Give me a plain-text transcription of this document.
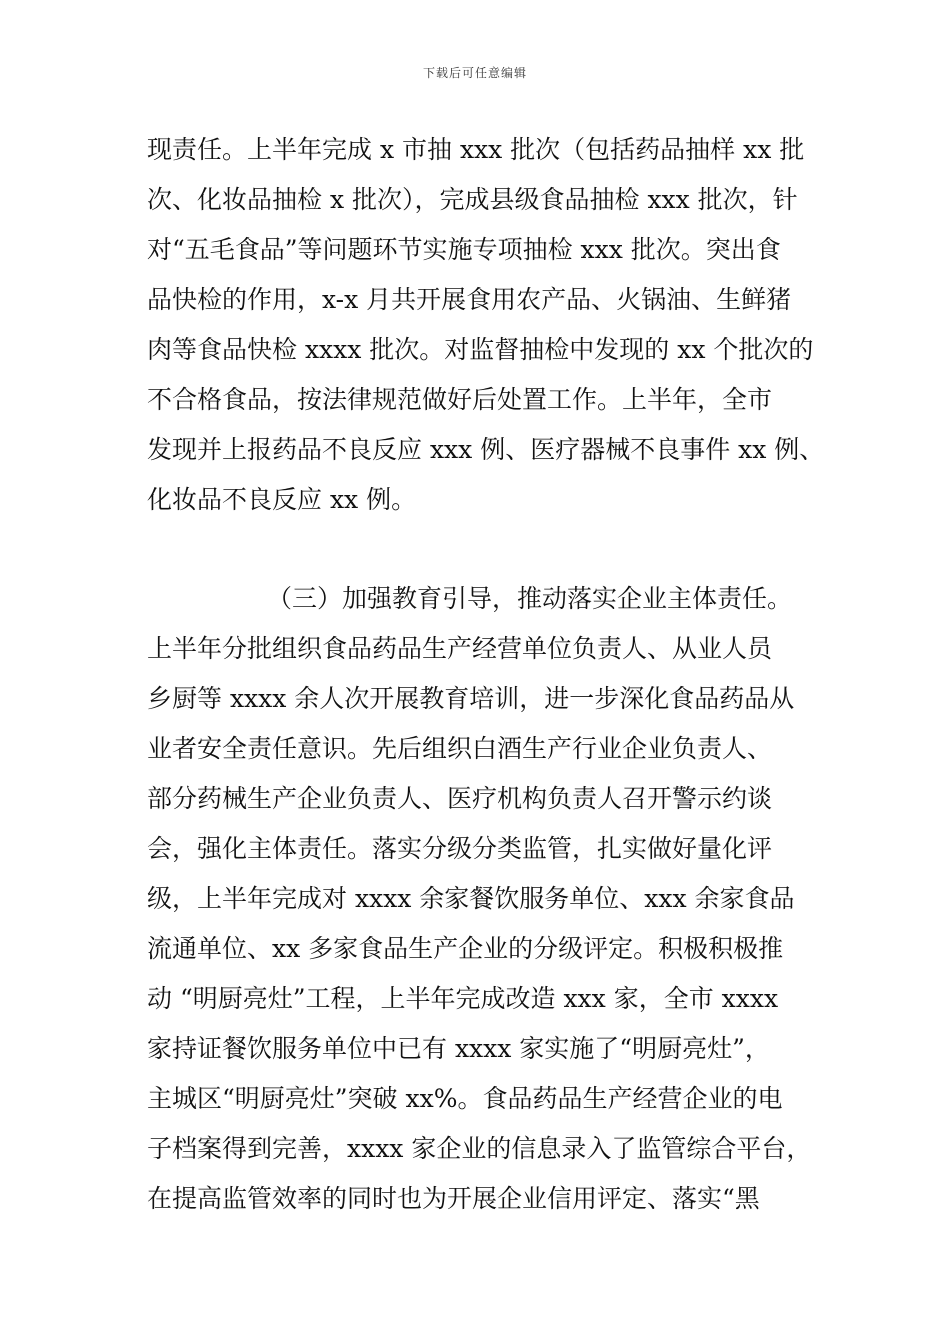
下载后可任意编辑
现责任。上半年完成 x 市抽 xxx 批次（包括药品抽样 xx 批
次、化妆品抽检 x 批次），完成县级食品抽检 xxx 批次，针
对“五毛食品”等问题环节实施专项抽检 xxx 批次。突出食
品快检的作用，x-x 月共开展食用农产品、火锅油、生鲜猪
肉等食品快检 xxxx 批次。对监督抽检中发现的 xx 个批次的
不合格食品，按法律规范做好后处置工作。上半年，全市
发现并上报药品不良反应 xxx 例、医疗器械不良事件 xx 例、
化妆品不良反应 xx 例。
（三）加强教育引导，推动落实企业主体责任。
上半年分批组织食品药品生产经营单位负责人、从业人员
乡厨等 xxxx 余人次开展教育培训，进一步深化食品药品从
业者安全责任意识。先后组织白酒生产行业企业负责人、
部分药械生产企业负责人、医疗机构负责人召开警示约谈
会，强化主体责任。落实分级分类监管，扎实做好量化评
级，上半年完成对 xxxx 余家餐饮服务单位、xxx 余家食品
流通单位、xx 多家食品生产企业的分级评定。积极积极推
动 “明厨亮灶”工程，上半年完成改造 xxx 家，全市 xxxx
家持证餐饮服务单位中已有 xxxx 家实施了“明厨亮灶”，
主城区“明厨亮灶”突破 xx%。食品药品生产经营企业的电
子档案得到完善，xxxx 家企业的信息录入了监管综合平台，
在提高监管效率的同时也为开展企业信用评定、落实“黑
